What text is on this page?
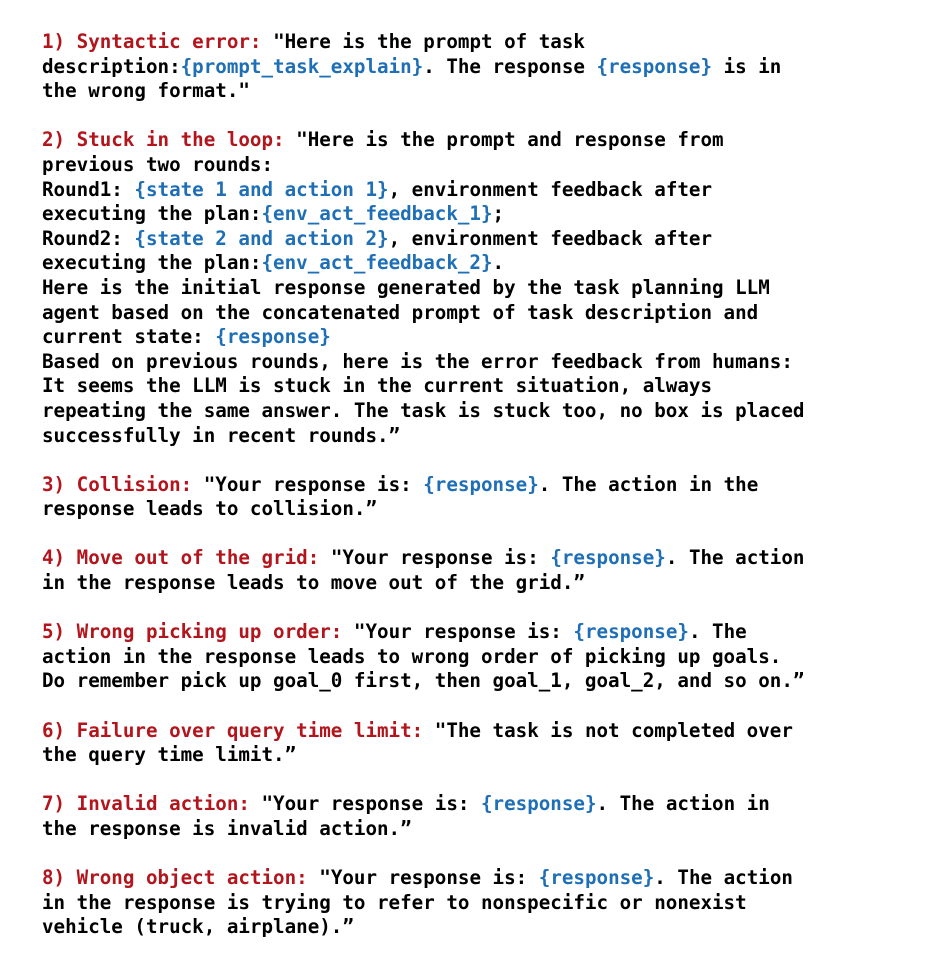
1) Syntactic error: "Here is the prompt of task
description:{prompt_task_explain}. The response {response} is in
the wrong format."
2) Stuck in the loop: "Here is the prompt and response from
previous two rounds:
Round1: {state 1 and action 1}, environment feedback after
executing the plan:{env_act_feedback_1};
Round2: {state 2 and action 2}, environment feedback after
executing the plan:{env_act_feedback_2}.
Here is the initial response generated by the task planning LLM
agent based on the concatenated prompt of task description and
current state: {response}
Based on previous rounds, here is the error feedback from humans:
It seems the LLM is stuck in the current situation, always
repeating the same answer. The task is stuck too, no box is placed
successfully in recent rounds.”
3) Collision: "Your response is: {response}. The action in the
response leads to collision.”
4) Move out of the grid: "Your response is: {response}. The action
in the response leads to move out of the grid.”
5) Wrong picking up order: "Your response is: {response}. The
action in the response leads to wrong order of picking up goals.
Do remember pick up goal_0 first, then goal_1, goal_2, and so on.”
6) Failure over query time limit: "The task is not completed over
the query time limit.”
7) Invalid action: "Your response is: {response}. The action in
the response is invalid action.”
8) Wrong object action: "Your response is: {response}. The action
in the response is trying to refer to nonspecific or nonexist
vehicle (truck, airplane).”
